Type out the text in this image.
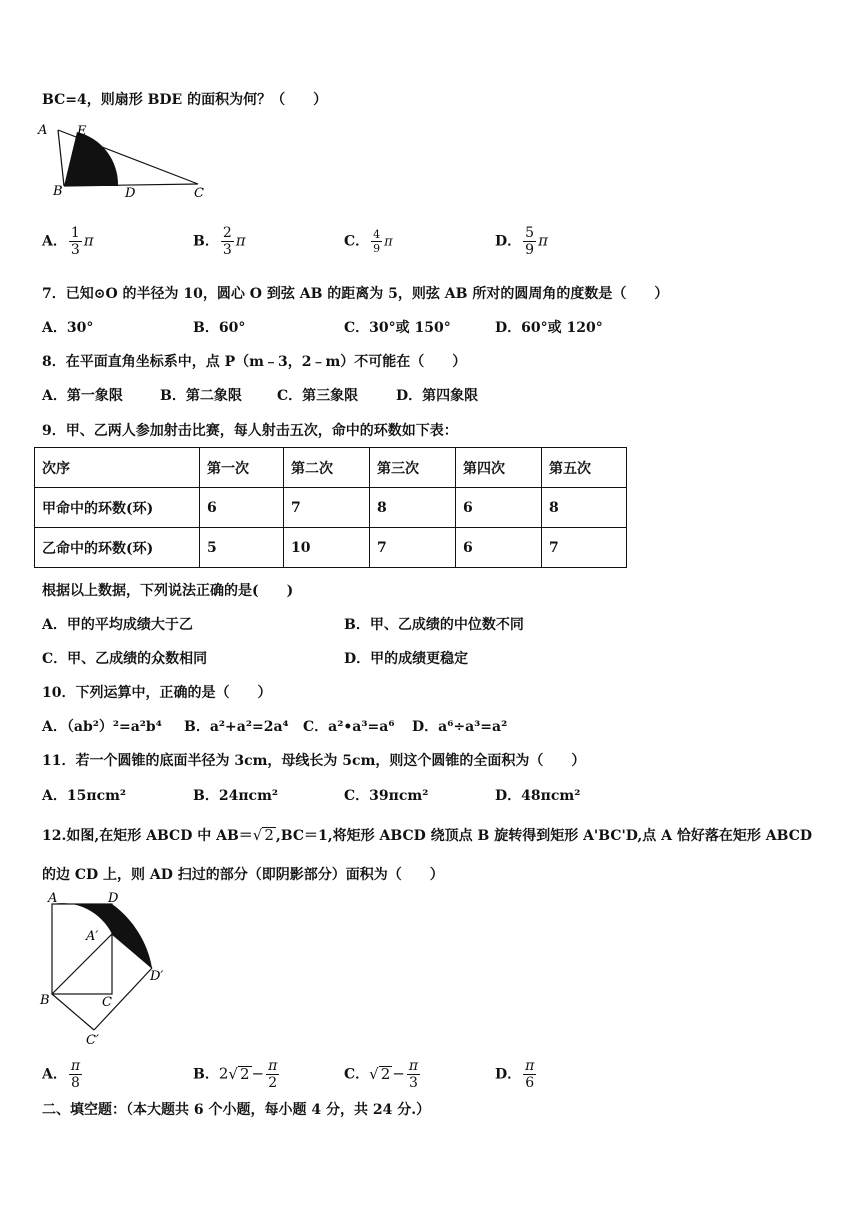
BC=4，则扇形 BDE 的面积为何？（　　）
A E
B	D	C
A． $\frac{1}{3}$ π	B． $\frac{2}{3}$ π	C． $\frac{4}{9}$ π	D． $\frac{5}{9}$ π
7．已知⊙O 的半径为 10，圆心 O 到弦 AB 的距离为 5，则弦 AB 所对的圆周角的度数是（　　）
A．30°	B．60°	C．30°或 150°	D．60°或 120°
8．在平面直角坐标系中，点 P（m﹣3，2﹣m）不可能在（　　）
A．第一象限	B．第二象限	C．第三象限	D．第四象限
9．甲、乙两人参加射击比赛，每人射击五次，命中的环数如下表：
次序	第一次	第二次	第三次	第四次	第五次
甲命中的环数(环)	6	7	8	6	8
乙命中的环数(环)	5	10	7	6	7
根据以上数据，下列说法正确的是(　　)
A．甲的平均成绩大于乙	B．甲、乙成绩的中位数不同
C．甲、乙成绩的众数相同	D．甲的成绩更稳定
10．下列运算中，正确的是（　　）
A．（ab²）²=a²b⁴ B．a²+a²=2a⁴ C．a²•a³=a⁶ D．a⁶÷a³=a²
11．若一个圆锥的底面半径为 3cm，母线长为 5cm，则这个圆锥的全面积为（　　）
A．15πcm²	B．24πcm²	C．39πcm²	D．48πcm²
12.如图,在矩形 ABCD 中 AB＝√ 2 ,BC＝1,将矩形 ABCD 绕顶点 B 旋转得到矩形 A'BC'D,点 A 恰好落在矩形 ABCD
的边 CD 上，则 AD 扫过的部分（即阴影部分）面积为（　　）
A	D
A′
D′
B	C
C′
A． $\frac{\pi}{8}$	B．2√ $2 - \frac{\pi}{2}$	C．√ $2 - \frac{\pi}{3}$	D． $\frac{\pi}{6}$
二、填空题：（本大题共 6 个小题，每小题 4 分，共 24 分.）
